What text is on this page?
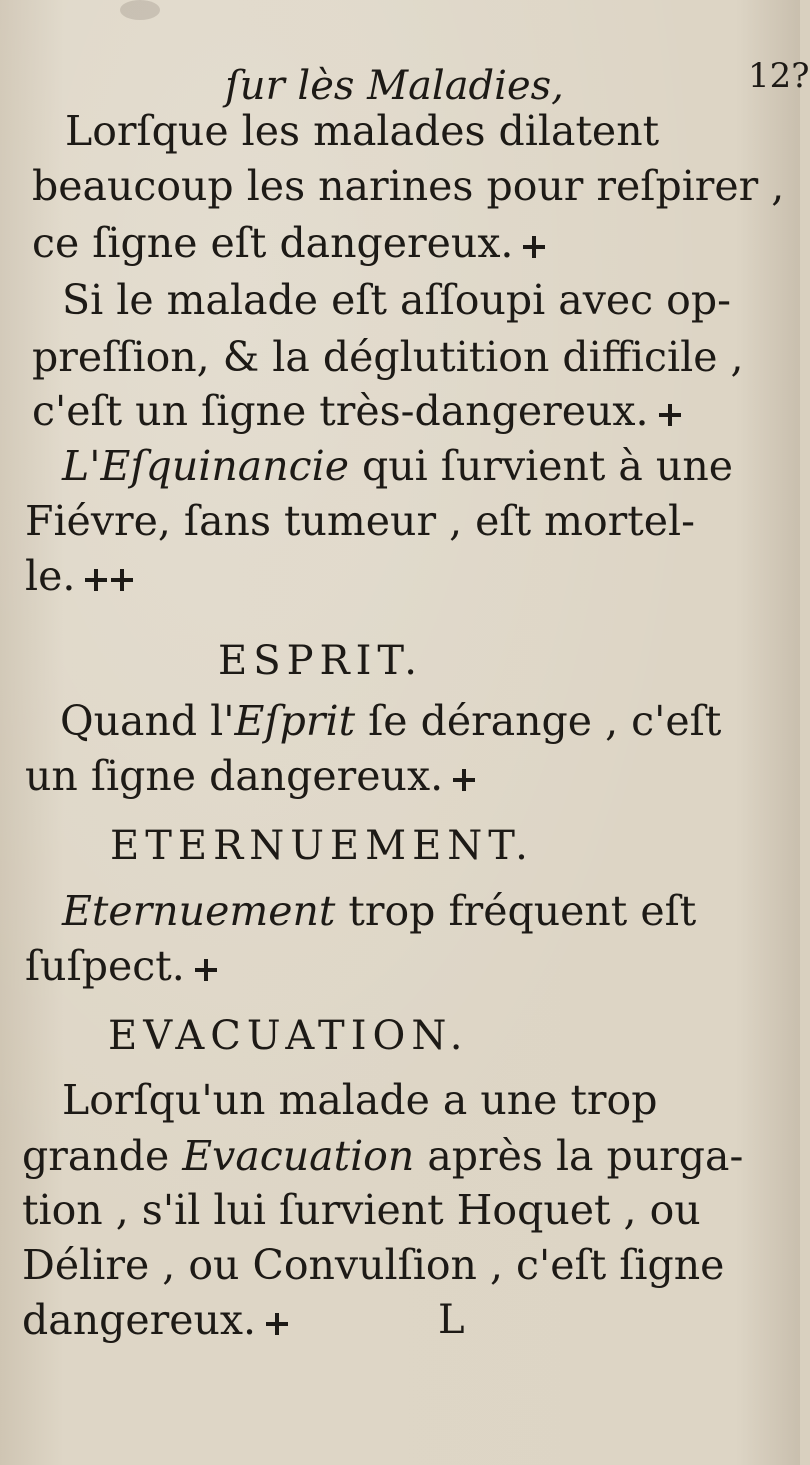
ſur lès Maladies,	12?
Lorſque les malades dilatent
beaucoup les narines pour reſpirer ,
ce ſigne eſt dangereux.
Si le malade eſt aſſoupi avec op-
preſſion, & la déglutition difficile ,
c'eſt un ſigne très-dangereux.
L'Eſquinancie qui ſurvient à une
Fiévre, ſans tumeur , eſt mortel-
le.
ESPRIT.
Quand l'Eſprit ſe dérange , c'eſt
un ſigne dangereux.
ETERNUEMENT.
Eternuement trop fréquent eſt
ſuſpect.
EVACUATION.
Lorſqu'un malade a une trop
grande Evacuation après la purga-
tion , s'il lui ſurvient Hoquet , ou
Délire , ou Convulſion , c'eſt ſigne
dangereux.	L
